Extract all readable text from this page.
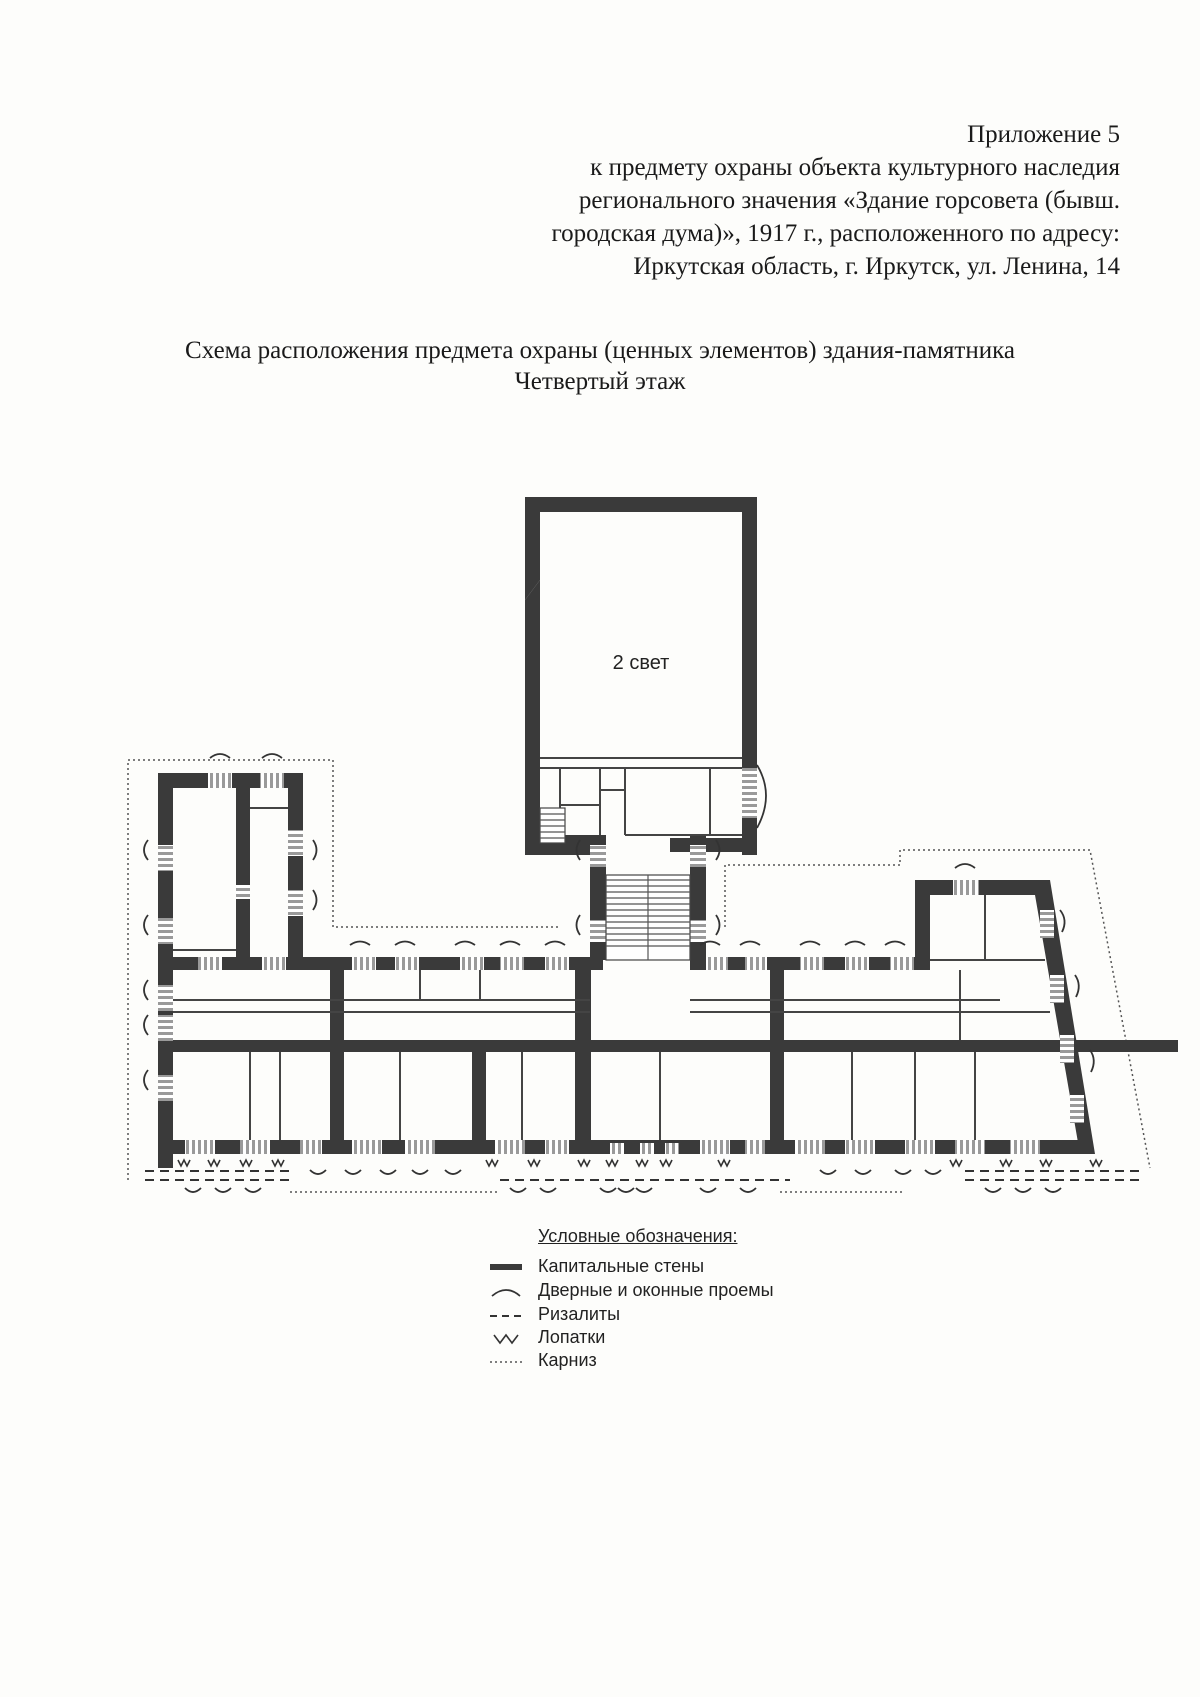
Приложение 5
к предмету охраны объекта культурного наследия
регионального значения «Здание горсовета (бывш.
городская дума)», 1917 г., расположенного по адресу:
Иркутская область, г. Иркутск, ул. Ленина, 14
Схема расположения предмета охраны (ценных элементов) здания-памятника
Четвертый этаж
2 свет
Условные обозначения:
Капитальные стены
Дверные и оконные проемы
Ризалиты
Лопатки
Карниз
